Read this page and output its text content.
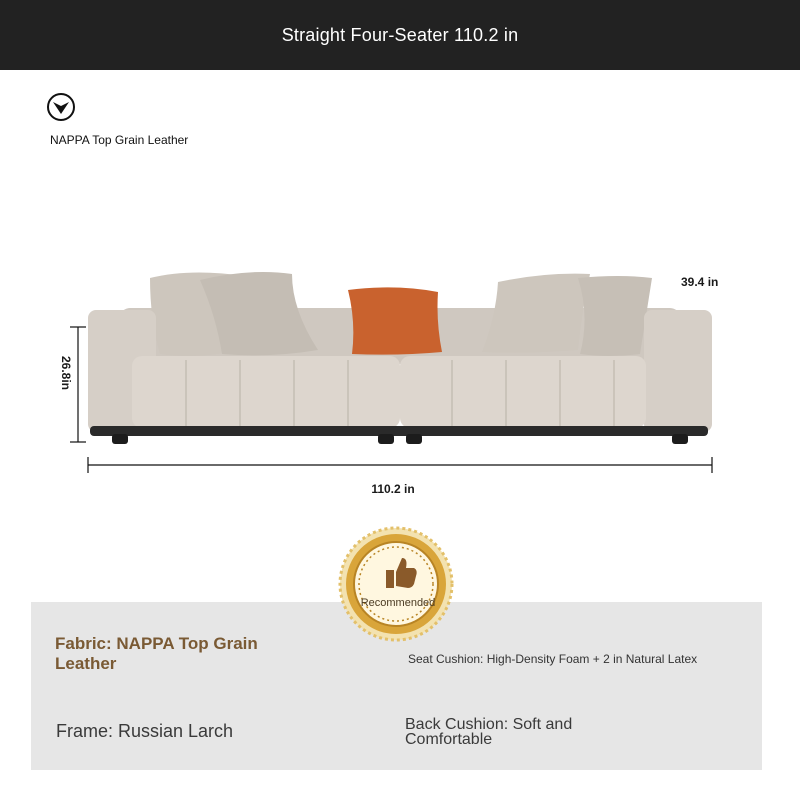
Straight Four-Seater 110.2 in
NAPPA Top Grain Leather
39.4 in
26.8in
110.2 in
Fabric: NAPPA Top Grain Leather	Seat Cushion: High-Density Foam + 2 in Natural Latex
Frame: Russian Larch	Back Cushion: Soft and Comfortable
Recommended
